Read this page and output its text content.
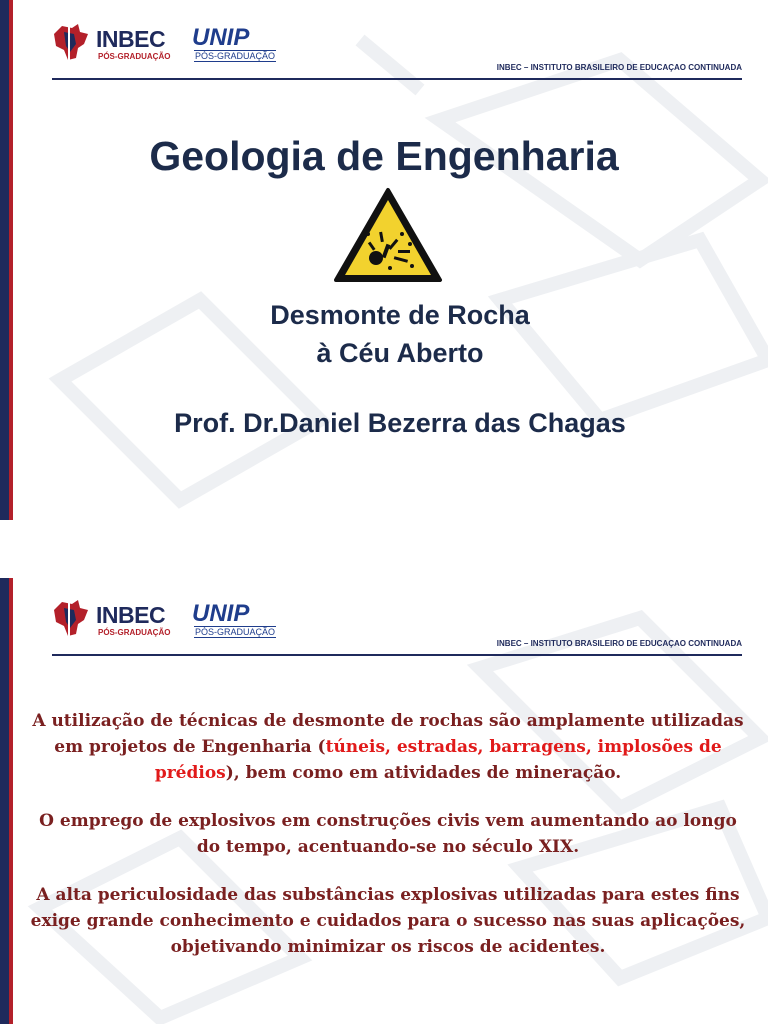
INBEC
PÓS-GRADUAÇÃO
UNIP
PÓS-GRADUAÇÃO
INBEC – INSTITUTO BRASILEIRO DE EDUCAÇAO CONTINUADA
Geologia de Engenharia
Desmonte de Rocha
à Céu Aberto
Prof. Dr.Daniel Bezerra das Chagas
INBEC
PÓS-GRADUAÇÃO
UNIP
PÓS-GRADUAÇÃO
INBEC – INSTITUTO BRASILEIRO DE EDUCAÇAO CONTINUADA

A utilização de técnicas de desmonte de rochas são amplamente utilizadas em projetos de Engenharia (túneis, estradas, barragens, implosões de prédios), bem como em atividades de mineração.

O emprego de explosivos em construções civis vem aumentando ao longo do tempo, acentuando-se no século XIX.

A alta periculosidade das substâncias explosivas utilizadas para estes fins exige grande conhecimento e cuidados para o sucesso nas suas aplicações, objetivando minimizar os riscos de acidentes.
